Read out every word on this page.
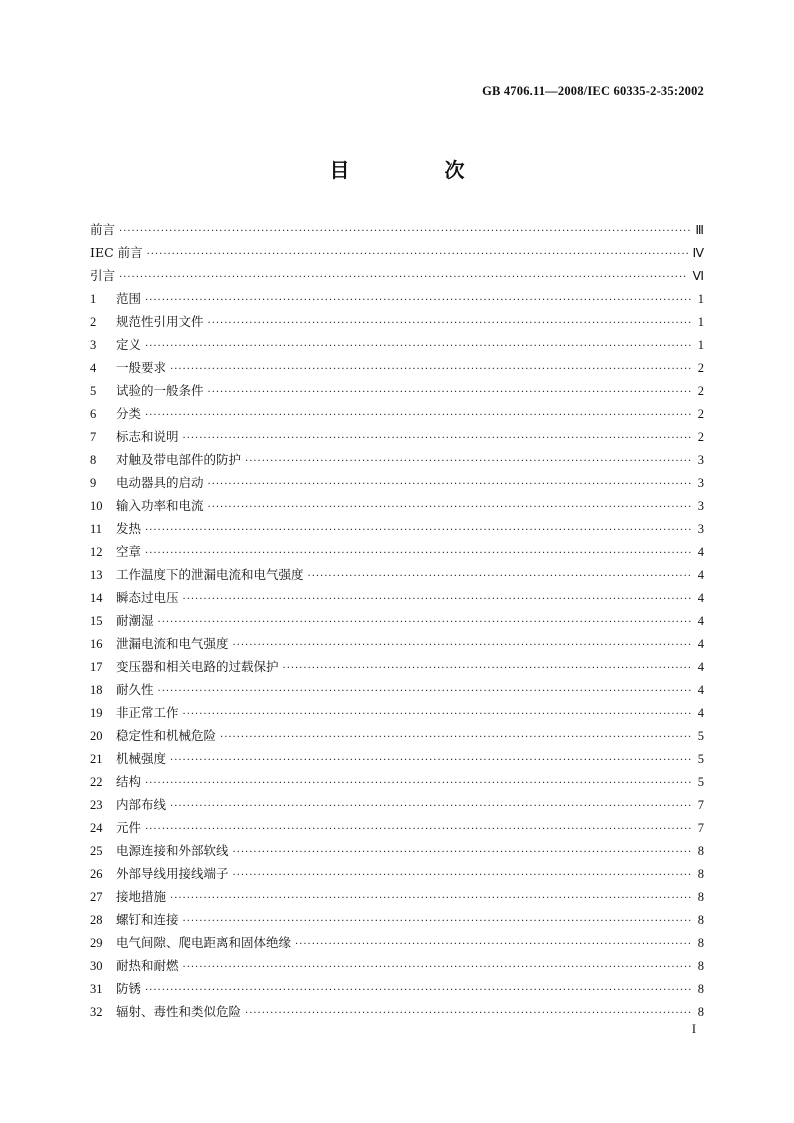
GB 4706.11—2008/IEC 60335-2-35:2002
目 次
前言 ·····	Ⅲ
IEC 前言 ·····	Ⅳ
引言 ·····	Ⅵ
1	范围 ·····	1
2	规范性引用文件 ·····	1
3	定义 ·····	1
4	一般要求 ·····	2
5	试验的一般条件 ·····	2
6	分类 ·····	2
7	标志和说明 ·····	2
8	对触及带电部件的防护 ·····	3
9	电动器具的启动 ·····	3
10	输入功率和电流 ·····	3
11	发热 ·····	3
12	空章 ·····	4
13	工作温度下的泄漏电流和电气强度 ·····	4
14	瞬态过电压 ·····	4
15	耐潮湿 ·····	4
16	泄漏电流和电气强度 ·····	4
17	变压器和相关电路的过载保护 ·····	4
18	耐久性 ·····	4
19	非正常工作 ·····	4
20	稳定性和机械危险 ·····	5
21	机械强度 ·····	5
22	结构 ·····	5
23	内部布线 ·····	7
24	元件 ·····	7
25	电源连接和外部软线 ·····	8
26	外部导线用接线端子 ·····	8
27	接地措施 ·····	8
28	螺钉和连接 ·····	8
29	电气间隙、爬电距离和固体绝缘 ·····	8
30	耐热和耐燃 ·····	8
31	防锈 ·····	8
32	辐射、毒性和类似危险 ·····	8
I
